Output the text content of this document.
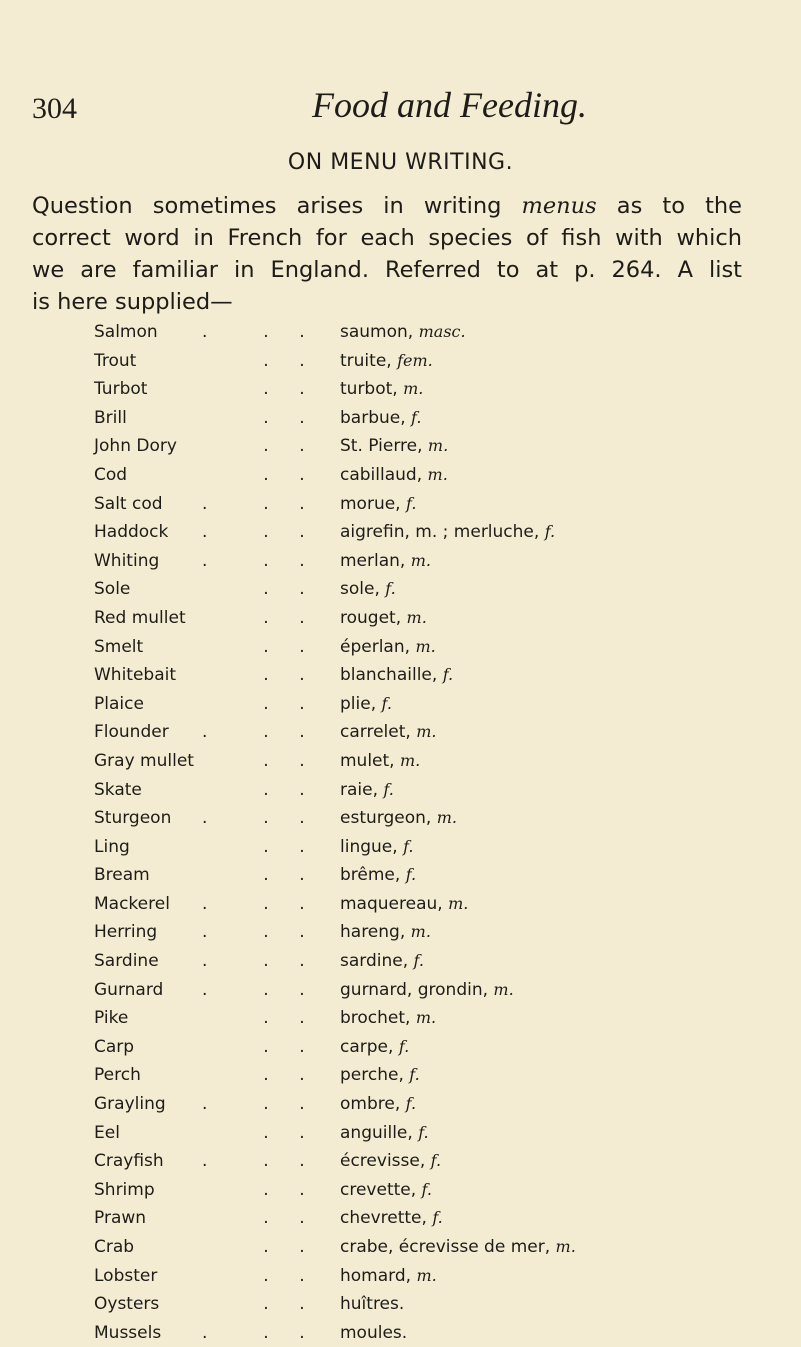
304	Food and Feeding.
ON MENU WRITING.
Question sometimes arises in writing menus as to the
correct word in French for each species of fish with which
we are familiar in England. Referred to at p. 264. A list
is here supplied—
Salmon	.	. .	saumon, masc.
Trout	. .	truite, fem.
Turbot	. .	turbot, m.
Brill	. .	barbue, f.
John Dory	. .	St. Pierre, m.
Cod	. .	cabillaud, m.
Salt cod .	. .	morue, f.
Haddock .	. .	aigrefin, m. ; merluche, f.
Whiting	.	. .	merlan, m.
Sole	. .	sole, f.
Red mullet	. .	rouget, m.
Smelt	. .	éperlan, m.
Whitebait	. .	blanchaille, f.
Plaice	. .	plie, f.
Flounder .	. .	carrelet, m.
Gray mullet	. .	mulet, m.
Skate	. .	raie, f.
Sturgeon .	. .	esturgeon, m.
Ling	. .	lingue, f.
Bream	. .	brême, f.
Mackerel .	. .	maquereau, m.
Herring	.	. .	hareng, m.
Sardine	.	. .	sardine, f.
Gurnard .	. .	gurnard, grondin, m.
Pike	. .	brochet, m.
Carp	. .	carpe, f.
Perch	. .	perche, f.
Grayling .	. .	ombre, f.
Eel	. .	anguille, f.
Crayfish .	. .	écrevisse, f.
Shrimp	. .	crevette, f.
Prawn	. .	chevrette, f.
Crab	. .	crabe, écrevisse de mer, m.
Lobster	. .	homard, m.
Oysters	. .	huîtres.
Mussels .	. .	moules.
